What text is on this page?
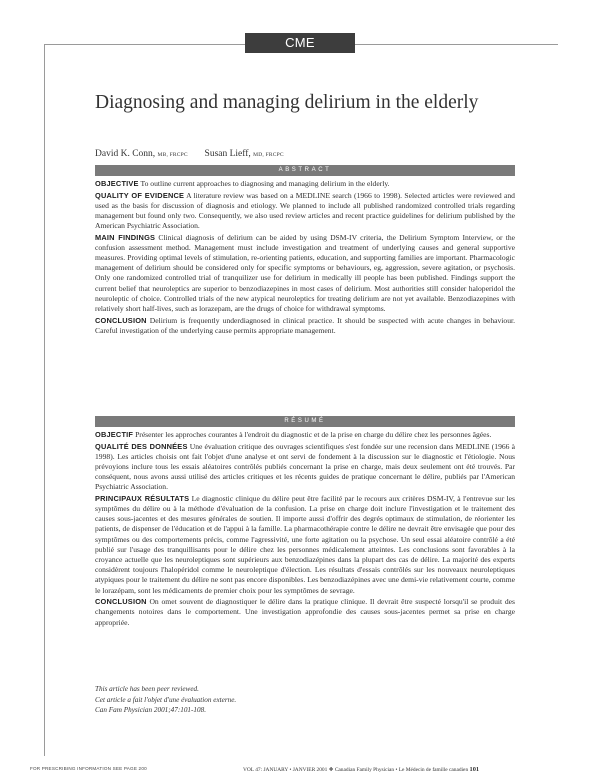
CME
Diagnosing and managing delirium in the elderly
David K. Conn, MB, FRCPC Susan Lieff, MD, FRCPC
ABSTRACT

OBJECTIVE To outline current approaches to diagnosing and managing delirium in the elderly.

QUALITY OF EVIDENCE A literature review was based on a MEDLINE search (1966 to 1998). Selected articles were reviewed and used as the basis for discussion of diagnosis and etiology. We planned to include all published randomized controlled trials regarding management but found only two. Consequently, we also used review articles and recent practice guidelines for delirium published by the American Psychiatric Association.

MAIN FINDINGS Clinical diagnosis of delirium can be aided by using DSM-IV criteria, the Delirium Symptom Interview, or the confusion assessment method. Management must include investigation and treatment of underlying causes and general supportive measures. Providing optimal levels of stimulation, re-orienting patients, education, and supporting families are important. Pharmacologic management of delirium should be considered only for specific symptoms or behaviours, eg, aggression, severe agitation, or psychosis. Only one randomized controlled trial of tranquilizer use for delirium in medically ill people has been published. Findings support the current belief that neuroleptics are superior to benzodiazepines in most cases of delirium. Most authorities still consider haloperidol the neuroleptic of choice. Controlled trials of the new atypical neuroleptics for treating delirium are not yet available. Benzodiazepines with relatively short half-lives, such as lorazepam, are the drugs of choice for withdrawal symptoms.

CONCLUSION Delirium is frequently underdiagnosed in clinical practice. It should be suspected with acute changes in behaviour. Careful investigation of the underlying cause permits appropriate management.

RÉSUMÉ

OBJECTIF Présenter les approches courantes à l'endroit du diagnostic et de la prise en charge du délire chez les personnes âgées.

QUALITÉ DES DONNÉES Une évaluation critique des ouvrages scientifiques s'est fondée sur une recension dans MEDLINE (1966 à 1998). Les articles choisis ont fait l'objet d'une analyse et ont servi de fondement à la discussion sur le diagnostic et l'étiologie. Nous prévoyions inclure tous les essais aléatoires contrôlés publiés concernant la prise en charge, mais deux seulement ont été trouvés. Par conséquent, nous avons aussi utilisé des articles critiques et les récents guides de pratique concernant le délire, publiés par l'American Psychiatric Association.

PRINCIPAUX RÉSULTATS Le diagnostic clinique du délire peut être facilité par le recours aux critères DSM-IV, à l'entrevue sur les symptômes du délire ou à la méthode d'évaluation de la confusion. La prise en charge doit inclure l'investigation et le traitement des causes sous-jacentes et des mesures générales de soutien. Il importe aussi d'offrir des degrés optimaux de stimulation, de réorienter les patients, de dispenser de l'éducation et de l'appui à la famille. La pharmacothérapie contre le délire ne devrait être envisagée que pour des symptômes ou des comportements précis, comme l'agressivité, une forte agitation ou la psychose. Un seul essai aléatoire contrôlé a été publié sur l'usage des tranquillisants pour le délire chez les personnes médicalement atteintes. Les conclusions sont favorables à la croyance actuelle que les neuroleptiques sont supérieurs aux benzodiazépines dans la plupart des cas de délire. La majorité des experts considèrent toujours l'halopéridol comme le neuroleptique d'élection. Les résultats d'essais contrôlés sur les nouveaux neuroleptiques atypiques pour le traitement du délire ne sont pas encore disponibles. Les benzodiazépines avec une demi-vie relativement courte, comme le lorazépam, sont les médicaments de premier choix pour les symptômes de sevrage.

CONCLUSION On omet souvent de diagnostiquer le délire dans la pratique clinique. Il devrait être suspecté lorsqu'il se produit des changements notoires dans le comportement. Une investigation approfondie des causes sous-jacentes permet sa prise en charge appropriée.

This article has been peer reviewed.

Cet article a fait l'objet d'une évaluation externe.

Can Fam Physician 2001;47:101-108.

FOR PRESCRIBING INFORMATION SEE PAGE 200	VOL 47: JANUARY • JANVIER 2001 ❖ Canadian Family Physician • Le Médecin de famille canadien 101
